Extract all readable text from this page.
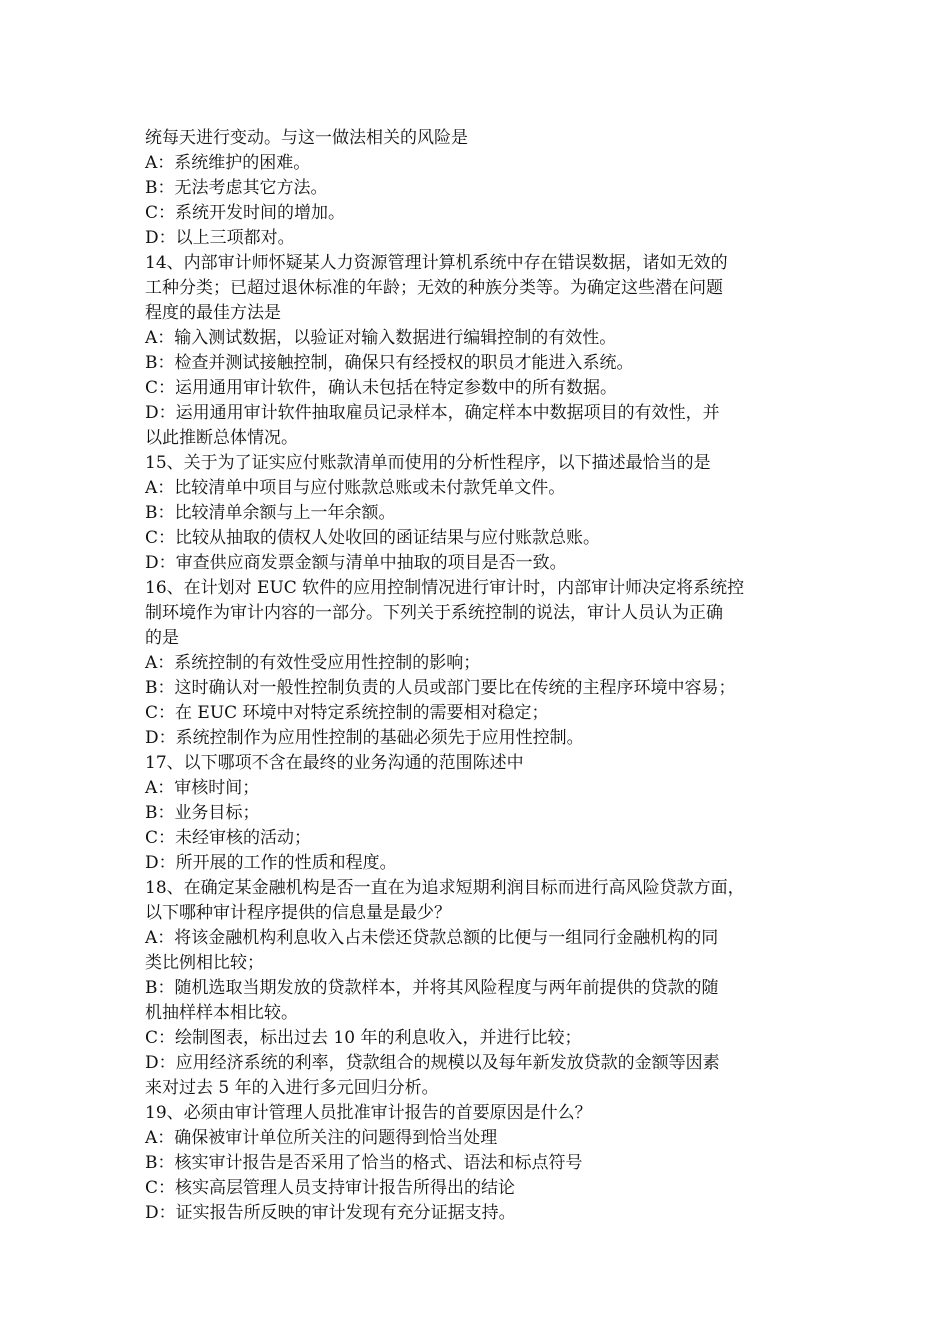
统每天进行变动。与这一做法相关的风险是
A：系统维护的困难。
B：无法考虑其它方法。
C：系统开发时间的增加。
D：以上三项都对。
14、内部审计师怀疑某人力资源管理计算机系统中存在错误数据，诸如无效的
工种分类；已超过退休标准的年龄；无效的种族分类等。为确定这些潜在问题
程度的最佳方法是
A：输入测试数据，以验证对输入数据进行编辑控制的有效性。
B：检查并测试接触控制，确保只有经授权的职员才能进入系统。
C：运用通用审计软件，确认未包括在特定参数中的所有数据。
D：运用通用审计软件抽取雇员记录样本，确定样本中数据项目的有效性，并
以此推断总体情况。
15、关于为了证实应付账款清单而使用的分析性程序，以下描述最恰当的是
A：比较清单中项目与应付账款总账或未付款凭单文件。
B：比较清单余额与上一年余额。
C：比较从抽取的债权人处收回的函证结果与应付账款总账。
D：审查供应商发票金额与清单中抽取的项目是否一致。
16、在计划对 EUC 软件的应用控制情况进行审计时，内部审计师决定将系统控
制环境作为审计内容的一部分。下列关于系统控制的说法，审计人员认为正确
的是
A：系统控制的有效性受应用性控制的影响；
B：这时确认对一般性控制负责的人员或部门要比在传统的主程序环境中容易；
C：在 EUC 环境中对特定系统控制的需要相对稳定；
D：系统控制作为应用性控制的基础必须先于应用性控制。
17、以下哪项不含在最终的业务沟通的范围陈述中
A：审核时间；
B：业务目标；
C：未经审核的活动；
D：所开展的工作的性质和程度。
18、在确定某金融机构是否一直在为追求短期利润目标而进行高风险贷款方面，
以下哪种审计程序提供的信息量是最少？
A：将该金融机构利息收入占未偿还贷款总额的比便与一组同行金融机构的同
类比例相比较；
B：随机选取当期发放的贷款样本，并将其风险程度与两年前提供的贷款的随
机抽样样本相比较。
C：绘制图表，标出过去 10 年的利息收入，并进行比较；
D：应用经济系统的利率，贷款组合的规模以及每年新发放贷款的金额等因素
来对过去 5 年的入进行多元回归分析。
19、必须由审计管理人员批准审计报告的首要原因是什么？
A：确保被审计单位所关注的问题得到恰当处理
B：核实审计报告是否采用了恰当的格式、语法和标点符号
C：核实高层管理人员支持审计报告所得出的结论
D：证实报告所反映的审计发现有充分证据支持。
